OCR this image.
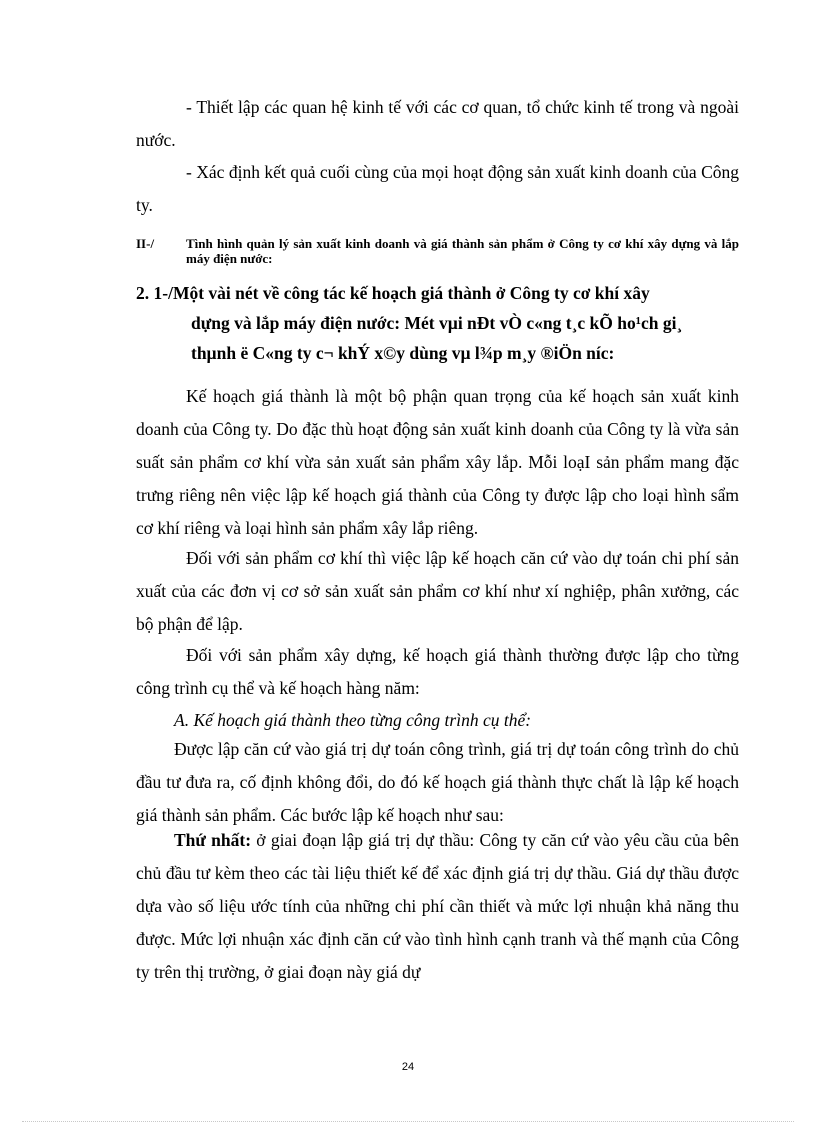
- Thiết lập các quan hệ kinh tế với các cơ quan, tổ chức kinh tế trong và ngoài nước.
- Xác định kết quả cuối cùng của mọi hoạt động sản xuất kinh doanh của Công ty.
II-/ Tình hình quản lý sản xuất kinh doanh và giá thành sản phẩm ở Công ty cơ khí xây dựng và lắp máy điện nước:
2. 1-/Một vài nét về công tác kế hoạch giá thành ở Công ty cơ khí xây
dựng và lắp máy điện nước: Mét vµi nÐt vÒ c«ng t¸c kÕ ho¹ch gi¸
thµnh ë C«ng ty c¬ khÝ x©y dùng vµ l¾p m¸y ®iÖn níc:
Kế hoạch giá thành là một bộ phận quan trọng của kế hoạch sản xuất kinh doanh của Công ty. Do đặc thù hoạt động sản xuất kinh doanh của Công ty là vừa sản suất sản phẩm cơ khí vừa sản xuất sản phẩm xây lắp. Mỗi loạI sản phẩm mang đặc trưng riêng nên việc lập kế hoạch giá thành của Công ty được lập cho loại hình sẩm cơ khí riêng và loại hình sản phẩm xây lắp riêng.
Đối với sản phẩm cơ khí thì việc lập kế hoạch căn cứ vào dự toán chi phí sản xuất của các đơn vị cơ sở sản xuất sản phẩm cơ khí như xí nghiệp, phân xưởng, các bộ phận để lập.
Đối với sản phẩm xây dựng, kế hoạch giá thành thường được lập cho từng công trình cụ thể và kế hoạch hàng năm:
A. Kế hoạch giá thành theo từng công trình cụ thể:
Được lập căn cứ vào giá trị dự toán công trình, giá trị dự toán công trình do chủ đầu tư đưa ra, cố định không đổi, do đó kế hoạch giá thành thực chất là lập kế hoạch giá thành sản phẩm. Các bước lập kế hoạch như sau:
Thứ nhất: ở giai đoạn lập giá trị dự thầu: Công ty căn cứ vào yêu cầu của bên chủ đầu tư kèm theo các tài liệu thiết kế để xác định giá trị dự thầu. Giá dự thầu được dựa vào số liệu ước tính của những chi phí cần thiết và mức lợi nhuận khả năng thu được. Mức lợi nhuận xác định căn cứ vào tình hình cạnh tranh và thế mạnh của Công ty trên thị trường, ở giai đoạn này giá dự
24
